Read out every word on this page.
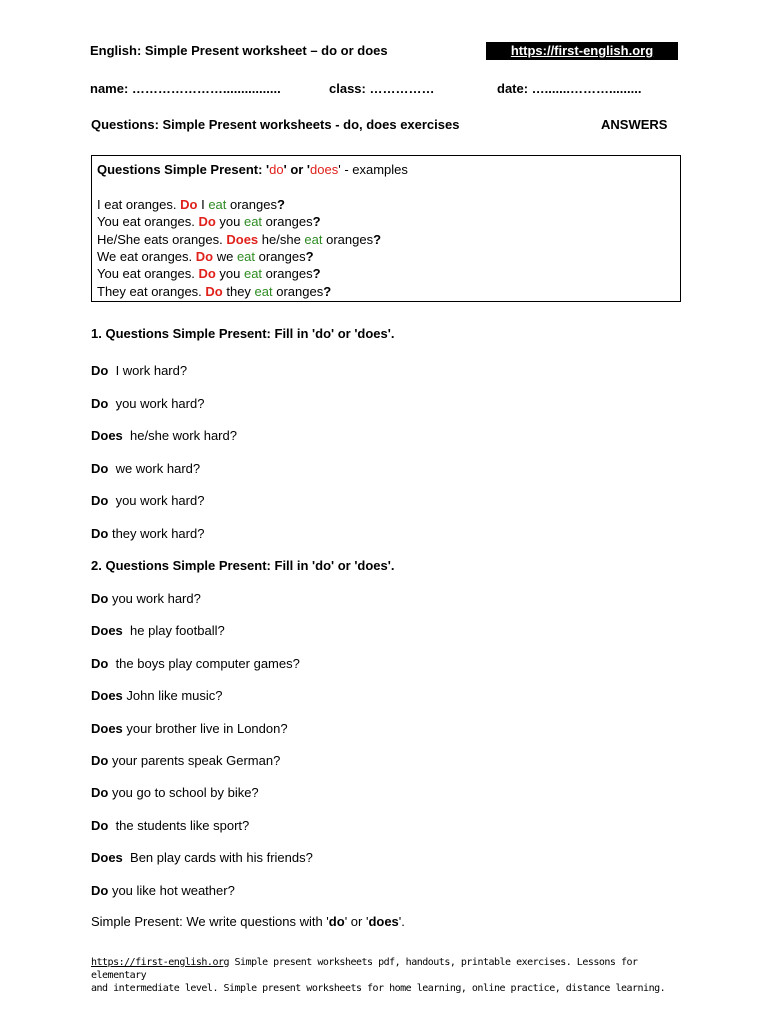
English: Simple Present worksheet – do or does	https://first-english.org
name: …………………................	class: ……………	date: ….......……….........
Questions: Simple Present worksheets - do, does exercises	ANSWERS
Questions Simple Present: 'do' or 'does' - examples
I eat oranges. Do I eat oranges?
You eat oranges. Do you eat oranges?
He/She eats oranges. Does he/she eat oranges?
We eat oranges. Do we eat oranges?
You eat oranges. Do you eat oranges?
They eat oranges. Do they eat oranges?
1. Questions Simple Present: Fill in 'do' or 'does'.
Do  I work hard?
Do  you work hard?
Does  he/she work hard?
Do  we work hard?
Do  you work hard?
Do they work hard?
2. Questions Simple Present: Fill in 'do' or 'does'.
Do you work hard?
Does  he play football?
Do  the boys play computer games?
Does John like music?
Does your brother live in London?
Do your parents speak German?
Do you go to school by bike?
Do  the students like sport?
Does  Ben play cards with his friends?
Do you like hot weather?
Simple Present: We write questions with 'do' or 'does'.
https://first-english.org Simple present worksheets pdf, handouts, printable exercises. Lessons for elementary
and intermediate level. Simple present worksheets for home learning, online practice, distance learning.
